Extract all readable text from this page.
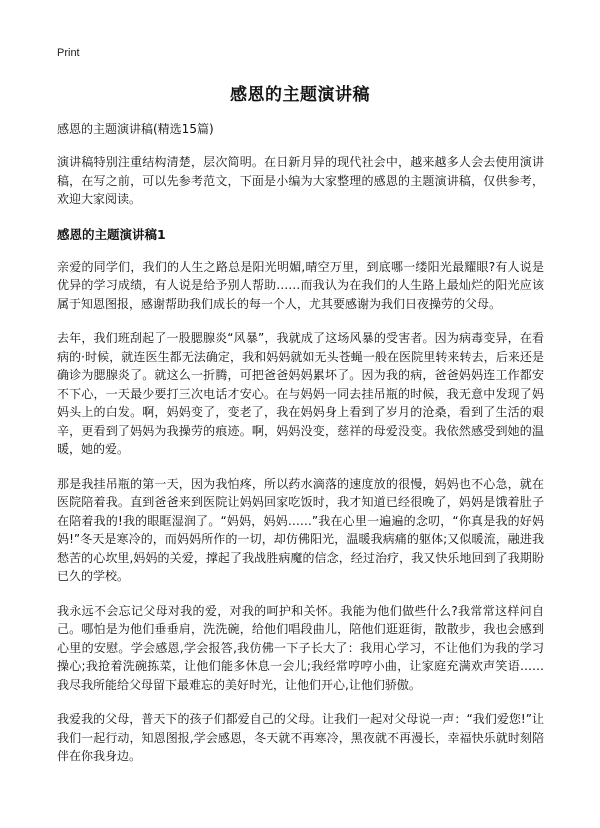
Print
感恩的主题演讲稿
感恩的主题演讲稿(精选15篇)

演讲稿特别注重结构清楚，层次简明。在日新月异的现代社会中，越来越多人会去使用演讲稿，在写之前，可以先参考范文，下面是小编为大家整理的感恩的主题演讲稿，仅供参考，欢迎大家阅读。

感恩的主题演讲稿1

亲爱的同学们，我们的人生之路总是阳光明媚,晴空万里，到底哪一缕阳光最耀眼?有人说是优异的学习成绩，有人说是给予别人帮助……而我认为在我们的人生路上最灿烂的阳光应该属于知恩图报，感谢帮助我们成长的每一个人，尤其要感谢为我们日夜操劳的父母。

去年，我们班刮起了一股腮腺炎“风暴”，我就成了这场风暴的受害者。因为病毒变异，在看病的·时候，就连医生都无法确定，我和妈妈就如无头苍蝇一般在医院里转来转去，后来还是确诊为腮腺炎了。就这么一折腾，可把爸爸妈妈累坏了。因为我的病，爸爸妈妈连工作都安不下心，一天最少要打三次电话才安心。在与妈妈一同去挂吊瓶的时候，我无意中发现了妈妈头上的白发。啊，妈妈变了，变老了，我在妈妈身上看到了岁月的沧桑，看到了生活的艰辛，更看到了妈妈为我操劳的痕迹。啊，妈妈没变，慈祥的母爱没变。我依然感受到她的温暖，她的爱。

那是我挂吊瓶的第一天，因为我怕疼，所以药水滴落的速度放的很慢，妈妈也不心急，就在医院陪着我。直到爸爸来到医院让妈妈回家吃饭时，我才知道已经很晚了，妈妈是饿着肚子在陪着我的!我的眼眶湿润了。“妈妈，妈妈……”我在心里一遍遍的念叨，“你真是我的好妈妈!”冬天是寒冷的，而妈妈所作的一切，却仿佛阳光，温暖我病痛的躯体;又似暖流，融进我愁苦的心坎里,妈妈的关爱，撑起了我战胜病魔的信念，经过治疗，我又快乐地回到了我期盼已久的学校。

我永远不会忘记父母对我的爱，对我的呵护和关怀。我能为他们做些什么?我常常这样问自己。哪怕是为他们垂垂肩，洗洗碗，给他们唱段曲儿，陪他们逛逛街，散散步，我也会感到心里的安慰。学会感恩,学会报答,我仿佛一下子长大了：我用心学习，不让他们为我的学习操心;我抢着洗碗拣菜，让他们能多休息一会儿;我经常哼哼小曲，让家庭充满欢声笑语……我尽我所能给父母留下最难忘的美好时光，让他们开心,让他们骄傲。

我爱我的父母，普天下的孩子们都爱自己的父母。让我们一起对父母说一声：“我们爱您!”让我们一起行动，知恩图报,学会感恩，冬天就不再寒冷，黑夜就不再漫长，幸福快乐就时刻陪伴在你我身边。
